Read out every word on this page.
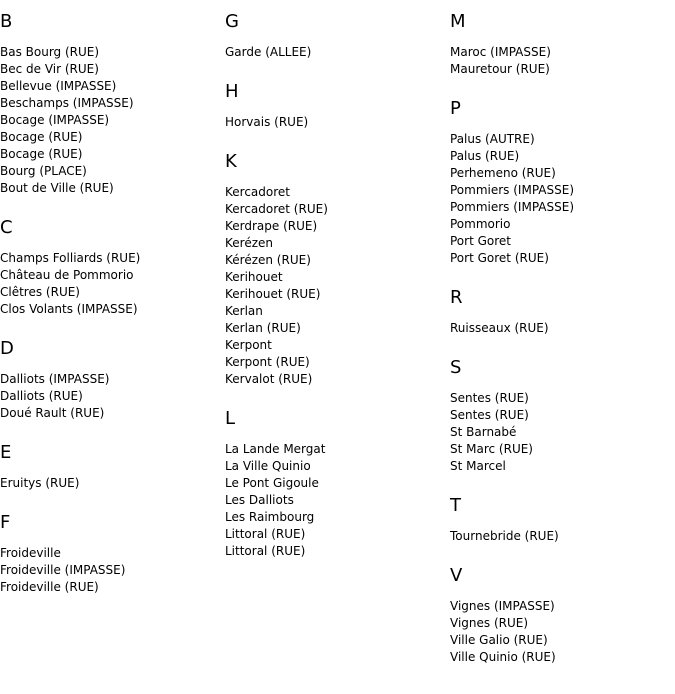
B
Bas Bourg (RUE)
Bec de Vir (RUE)
Bellevue (IMPASSE)
Beschamps (IMPASSE)
Bocage (IMPASSE)
Bocage (RUE)
Bocage (RUE)
Bourg (PLACE)
Bout de Ville (RUE)
C
Champs Folliards (RUE)
Château de Pommorio
Clêtres (RUE)
Clos Volants (IMPASSE)
D
Dalliots (IMPASSE)
Dalliots (RUE)
Doué Rault (RUE)
E
Eruitys (RUE)
F
Froideville
Froideville (IMPASSE)
Froideville (RUE)
G
Garde (ALLEE)
H
Horvais (RUE)
K
Kercadoret
Kercadoret (RUE)
Kerdrape (RUE)
Kerézen
Kérézen (RUE)
Kerihouet
Kerihouet (RUE)
Kerlan
Kerlan (RUE)
Kerpont
Kerpont (RUE)
Kervalot (RUE)
L
La Lande Mergat
La Ville Quinio
Le Pont Gigoule
Les Dalliots
Les Raimbourg
Littoral (RUE)
Littoral (RUE)
M
Maroc (IMPASSE)
Mauretour (RUE)
P
Palus (AUTRE)
Palus (RUE)
Perhemeno (RUE)
Pommiers (IMPASSE)
Pommiers (IMPASSE)
Pommorio
Port Goret
Port Goret (RUE)
R
Ruisseaux (RUE)
S
Sentes (RUE)
Sentes (RUE)
St Barnabé
St Marc (RUE)
St Marcel
T
Tournebride (RUE)
V
Vignes (IMPASSE)
Vignes (RUE)
Ville Galio (RUE)
Ville Quinio (RUE)
